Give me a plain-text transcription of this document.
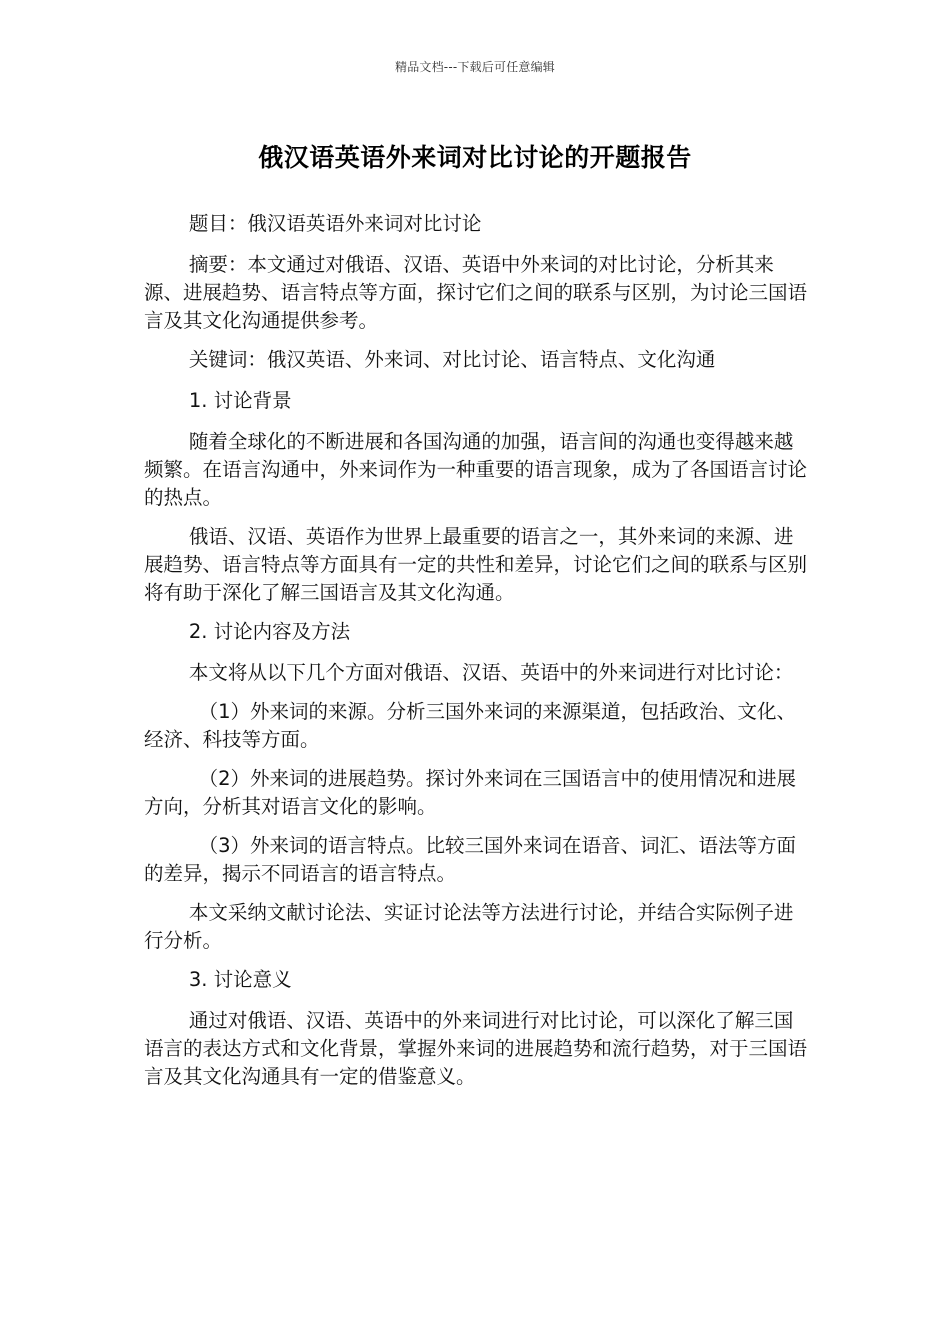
精品文档---下载后可任意编辑
俄汉语英语外来词对比讨论的开题报告

题目：俄汉语英语外来词对比讨论

摘要：本文通过对俄语、汉语、英语中外来词的对比讨论，分析其来源、进展趋势、语言特点等方面，探讨它们之间的联系与区别，为讨论三国语言及其文化沟通提供参考。

关键词：俄汉英语、外来词、对比讨论、语言特点、文化沟通

1. 讨论背景

随着全球化的不断进展和各国沟通的加强，语言间的沟通也变得越来越频繁。在语言沟通中，外来词作为一种重要的语言现象，成为了各国语言讨论的热点。

俄语、汉语、英语作为世界上最重要的语言之一，其外来词的来源、进展趋势、语言特点等方面具有一定的共性和差异，讨论它们之间的联系与区别将有助于深化了解三国语言及其文化沟通。

2. 讨论内容及方法

本文将从以下几个方面对俄语、汉语、英语中的外来词进行对比讨论：

（1）外来词的来源。分析三国外来词的来源渠道，包括政治、文化、经济、科技等方面。

（2）外来词的进展趋势。探讨外来词在三国语言中的使用情况和进展方向，分析其对语言文化的影响。

（3）外来词的语言特点。比较三国外来词在语音、词汇、语法等方面的差异，揭示不同语言的语言特点。

本文采纳文献讨论法、实证讨论法等方法进行讨论，并结合实际例子进行分析。

3. 讨论意义

通过对俄语、汉语、英语中的外来词进行对比讨论，可以深化了解三国语言的表达方式和文化背景，掌握外来词的进展趋势和流行趋势，对于三国语言及其文化沟通具有一定的借鉴意义。
